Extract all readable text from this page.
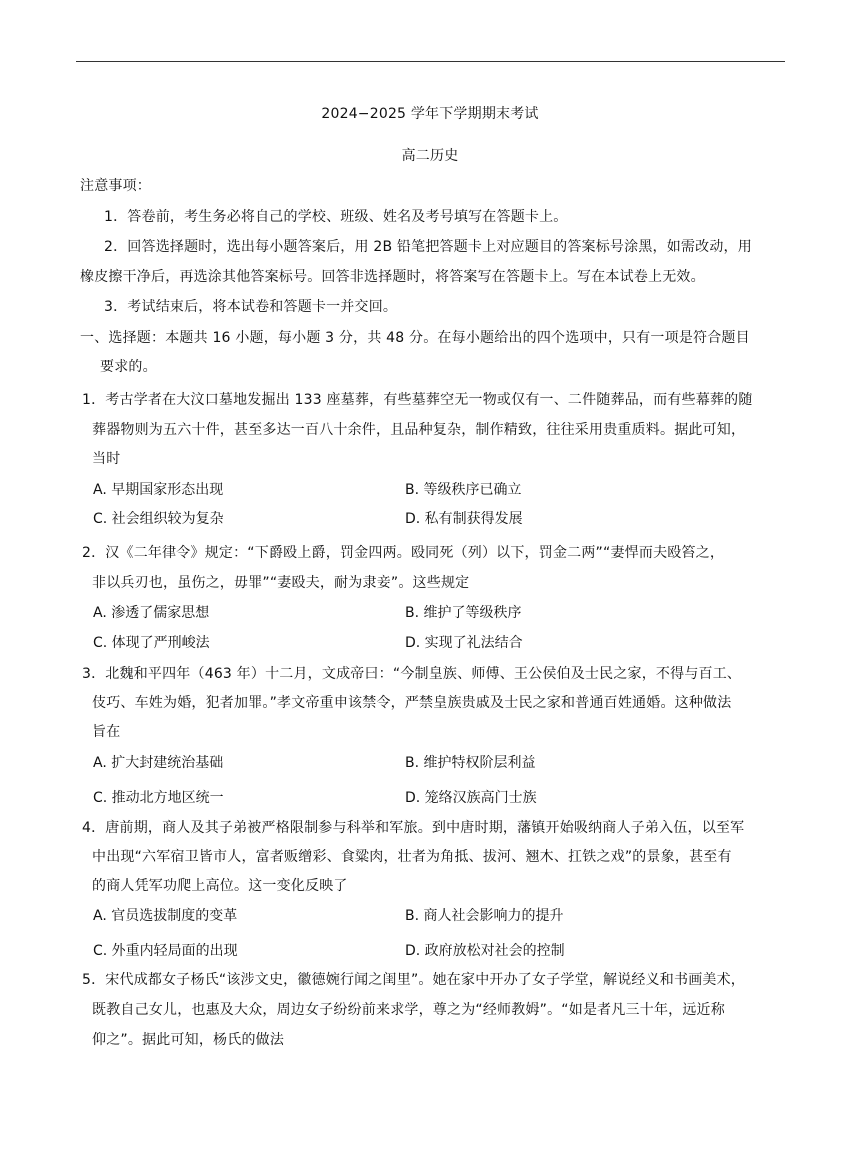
2024−2025 学年下学期期末考试
高二历史
注意事项：
1．答卷前，考生务必将自己的学校、班级、姓名及考号填写在答题卡上。
2．回答选择题时，选出每小题答案后，用 2B 铅笔把答题卡上对应题目的答案标号涂黑，如需改动，用
橡皮擦干净后，再选涂其他答案标号。回答非选择题时，将答案写在答题卡上。写在本试卷上无效。
3．考试结束后，将本试卷和答题卡一并交回。
一、选择题：本题共 16 小题，每小题 3 分，共 48 分。在每小题给出的四个选项中，只有一项是符合题目
要求的。
1．考古学者在大汶口墓地发掘出 133 座墓葬，有些墓葬空无一物或仅有一、二件随葬品，而有些幕葬的随
葬器物则为五六十件，甚至多达一百八十余件，且品种复杂，制作精致，往往采用贵重质料。据此可知，
当时
A. 早期国家形态出现	B. 等级秩序已确立
C. 社会组织较为复杂	D. 私有制获得发展
2．汉《二年律令》规定：“下爵殴上爵，罚金四两。殴同死（列）以下，罚金二两”“妻悍而夫殴笞之，
非以兵刃也，虽伤之，毋罪”“妻殴夫，耐为隶妾”。这些规定
A. 渗透了儒家思想	B. 维护了等级秩序
C. 体现了严刑峻法	D. 实现了礼法结合
3．北魏和平四年（463 年）十二月，文成帝曰：“今制皇族、师傅、王公侯伯及士民之家，不得与百工、
伎巧、车姓为婚，犯者加罪。”孝文帝重申该禁令，严禁皇族贵戚及士民之家和普通百姓通婚。这种做法
旨在
A. 扩大封建统治基础	B. 维护特权阶层利益
C. 推动北方地区统一	D. 笼络汉族高门士族
4．唐前期，商人及其子弟被严格限制参与科举和军旅。到中唐时期，藩镇开始吸纳商人子弟入伍，以至军
中出现“六军宿卫皆市人，富者贩缯彩、食粱肉，壮者为角抵、拔河、翘木、扛铁之戏”的景象，甚至有
的商人凭军功爬上高位。这一变化反映了
A. 官员选拔制度的变革	B. 商人社会影响力的提升
C. 外重内轻局面的出现	D. 政府放松对社会的控制
5．宋代成都女子杨氏“该涉文史，徽德婉行闻之闺里”。她在家中开办了女子学堂，解说经义和书画美术，
既教自己女儿，也惠及大众，周边女子纷纷前来求学，尊之为“经师教姆”。“如是者凡三十年，远近称
仰之”。据此可知，杨氏的做法
